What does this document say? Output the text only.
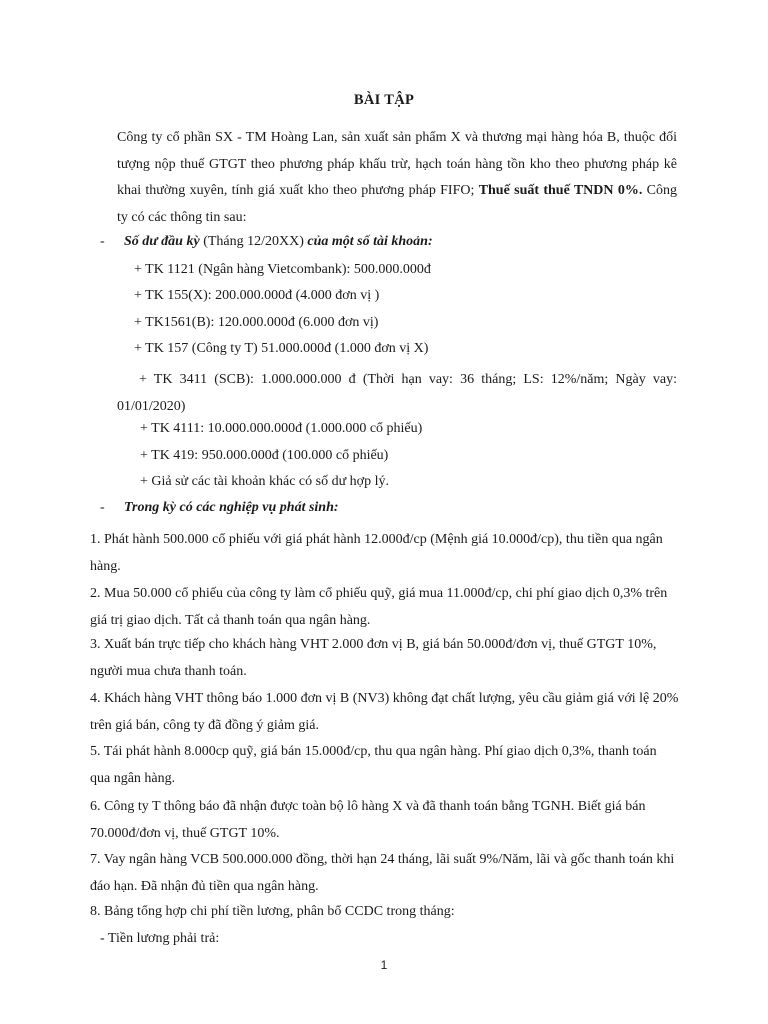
BÀI TẬP

Công ty cổ phần SX - TM Hoàng Lan, sản xuất sản phẩm X và thương mại hàng hóa B, thuộc đối tượng nộp thuế GTGT theo phương pháp khấu trừ, hạch toán hàng tồn kho theo phương pháp kê khai thường xuyên, tính giá xuất kho theo phương pháp FIFO; Thuế suất thuế TNDN 0%. Công ty có các thông tin sau:

- Số dư đầu kỳ (Tháng 12/20XX) của một số tài khoản:

+ TK 1121 (Ngân hàng Vietcombank): 500.000.000đ

+ TK 155(X): 200.000.000đ (4.000 đơn vị )

+ TK1561(B): 120.000.000đ (6.000 đơn vị)

+ TK 157 (Công ty T) 51.000.000đ (1.000 đơn vị X)

+ TK 3411 (SCB): 1.000.000.000 đ (Thời hạn vay: 36 tháng; LS: 12%/năm; Ngày vay: 01/01/2020)

+ TK 4111: 10.000.000.000đ (1.000.000 cổ phiếu)

+ TK 419: 950.000.000đ (100.000 cổ phiếu)

+ Giả sử các tài khoản khác có số dư hợp lý.

- Trong kỳ có các nghiệp vụ phát sinh:

1. Phát hành 500.000 cổ phiếu với giá phát hành 12.000đ/cp (Mệnh giá 10.000đ/cp), thu tiền qua ngân hàng.

2. Mua 50.000 cổ phiếu của công ty làm cổ phiếu quỹ, giá mua 11.000đ/cp, chi phí giao dịch 0,3% trên giá trị giao dịch. Tất cả thanh toán qua ngân hàng.

3. Xuất bán trực tiếp cho khách hàng VHT 2.000 đơn vị B, giá bán 50.000đ/đơn vị, thuế GTGT 10%, người mua chưa thanh toán.

4. Khách hàng VHT thông báo 1.000 đơn vị B (NV3) không đạt chất lượng, yêu cầu giảm giá với lệ 20% trên giá bán, công ty đã đồng ý giảm giá.

5. Tái phát hành 8.000cp quỹ, giá bán 15.000đ/cp, thu qua ngân hàng. Phí giao dịch 0,3%, thanh toán qua ngân hàng.

6. Công ty T thông báo đã nhận được toàn bộ lô hàng X và đã thanh toán bằng TGNH. Biết giá bán 70.000đ/đơn vị, thuế GTGT 10%.

7. Vay ngân hàng VCB 500.000.000 đồng, thời hạn 24 tháng, lãi suất 9%/Năm, lãi và gốc thanh toán khi đáo hạn. Đã nhận đủ tiền qua ngân hàng.

8. Bảng tổng hợp chi phí tiền lương, phân bổ CCDC trong tháng:

- Tiền lương phải trả:

1
